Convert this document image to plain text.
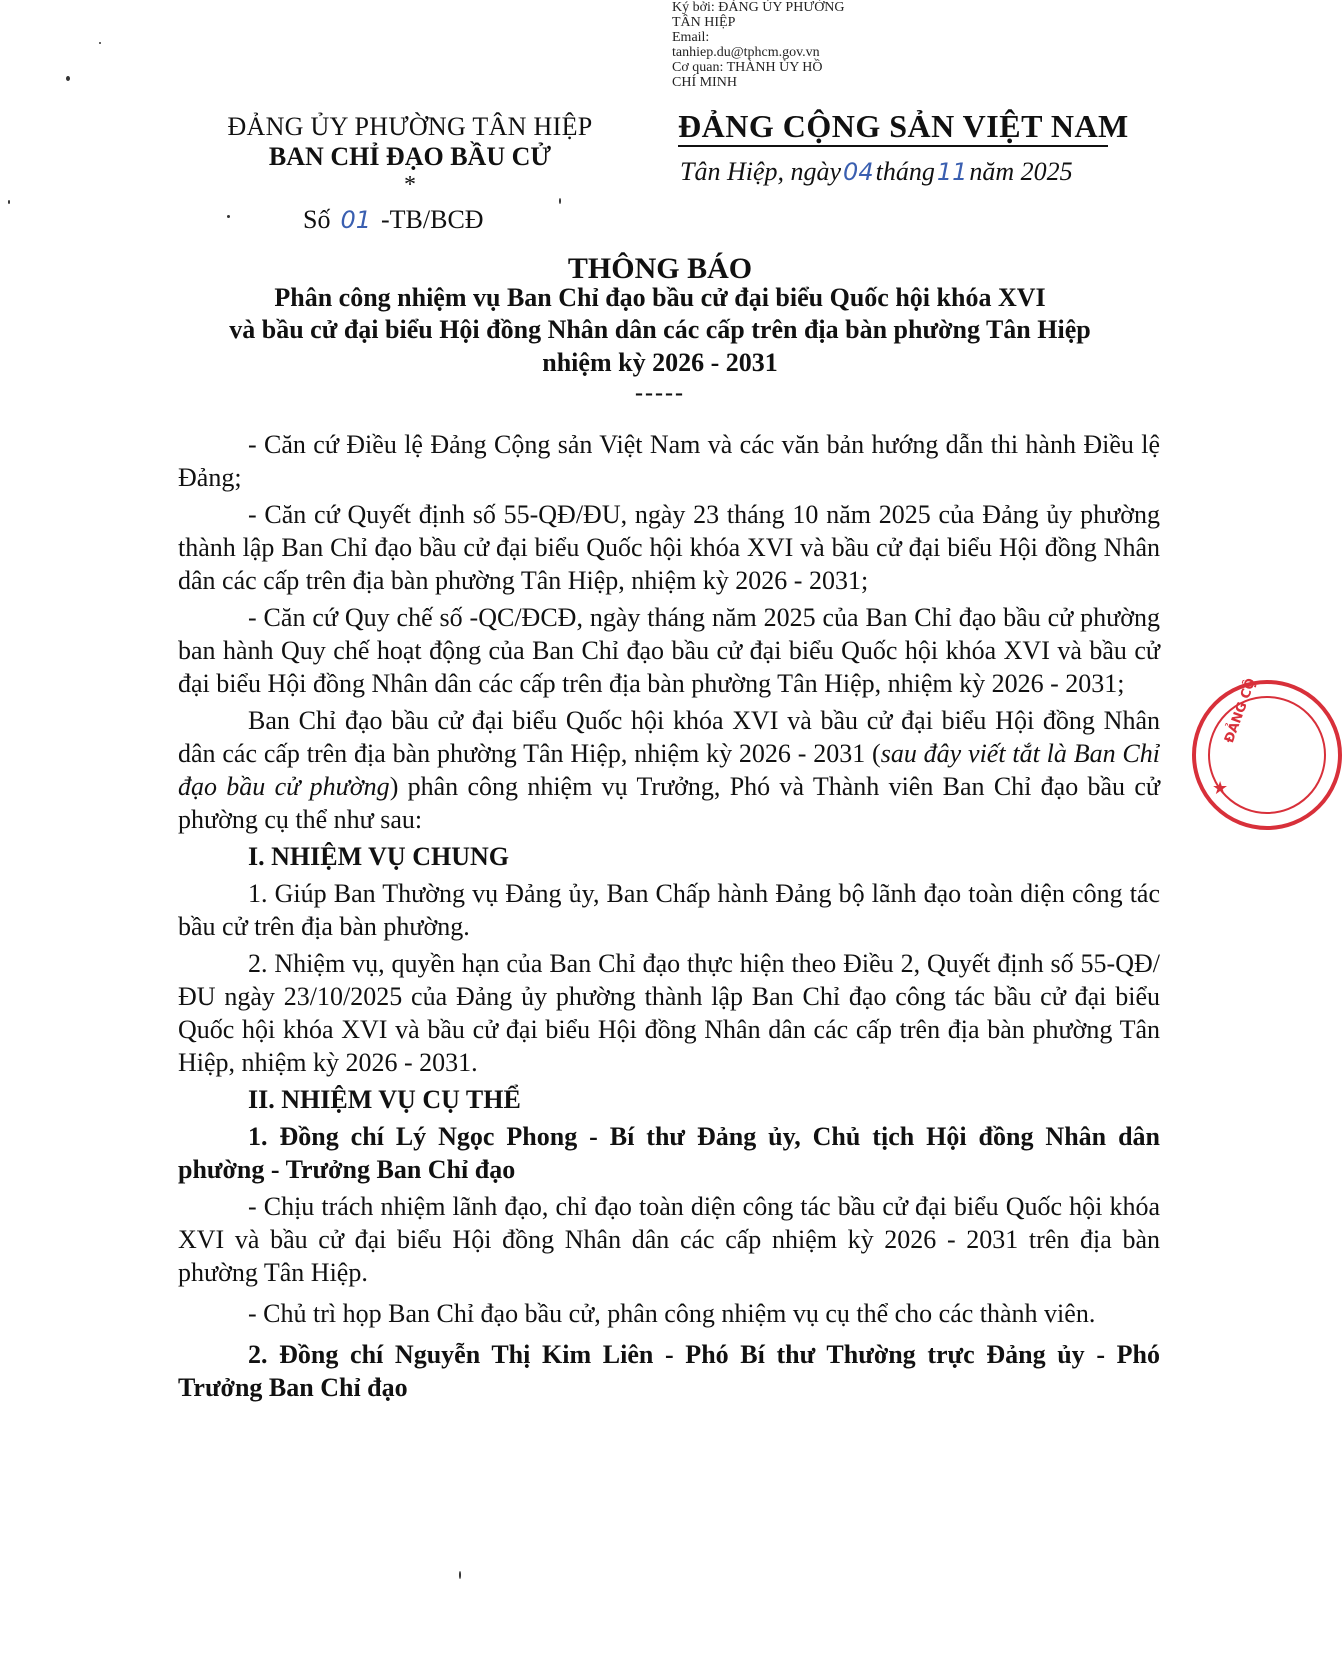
Ký bởi: ĐẢNG ỦY PHƯỜNG
TÂN HIỆP
Email:
tanhiep.du@tphcm.gov.vn
Cơ quan: THÀNH ỦY HỒ
CHÍ MINH
ĐẢNG ỦY PHƯỜNG TÂN HIỆP
BAN CHỈ ĐẠO BẦU CỬ
*
Số 01 -TB/BCĐ
ĐẢNG CỘNG SẢN VIỆT NAM
Tân Hiệp, ngày04tháng11năm 2025
THÔNG BÁO
Phân công nhiệm vụ Ban Chỉ đạo bầu cử đại biểu Quốc hội khóa XVI
và bầu cử đại biểu Hội đồng Nhân dân các cấp trên địa bàn phường Tân Hiệp
nhiệm kỳ 2026 - 2031
-----

- Căn cứ Điều lệ Đảng Cộng sản Việt Nam và các văn bản hướng dẫn thi hành Điều lệ Đảng;

- Căn cứ Quyết định số 55-QĐ/ĐU, ngày 23 tháng 10 năm 2025 của Đảng ủy phường thành lập Ban Chỉ đạo bầu cử đại biểu Quốc hội khóa XVI và bầu cử đại biểu Hội đồng Nhân dân các cấp trên địa bàn phường Tân Hiệp, nhiệm kỳ 2026 - 2031;

- Căn cứ Quy chế số -QC/ĐCĐ, ngày tháng năm 2025 của Ban Chỉ đạo bầu cử phường ban hành Quy chế hoạt động của Ban Chỉ đạo bầu cử đại biểu Quốc hội khóa XVI và bầu cử đại biểu Hội đồng Nhân dân các cấp trên địa bàn phường Tân Hiệp, nhiệm kỳ 2026 - 2031;

Ban Chỉ đạo bầu cử đại biểu Quốc hội khóa XVI và bầu cử đại biểu Hội đồng Nhân dân các cấp trên địa bàn phường Tân Hiệp, nhiệm kỳ 2026 - 2031 (sau đây viết tắt là Ban Chỉ đạo bầu cử phường) phân công nhiệm vụ Trưởng, Phó và Thành viên Ban Chỉ đạo bầu cử phường cụ thể như sau:

I. NHIỆM VỤ CHUNG

1. Giúp Ban Thường vụ Đảng ủy, Ban Chấp hành Đảng bộ lãnh đạo toàn diện công tác bầu cử trên địa bàn phường.

2. Nhiệm vụ, quyền hạn của Ban Chỉ đạo thực hiện theo Điều 2, Quyết định số 55-QĐ/ĐU ngày 23/10/2025 của Đảng ủy phường thành lập Ban Chỉ đạo công tác bầu cử đại biểu Quốc hội khóa XVI và bầu cử đại biểu Hội đồng Nhân dân các cấp trên địa bàn phường Tân Hiệp, nhiệm kỳ 2026 - 2031.

II. NHIỆM VỤ CỤ THỂ

1. Đồng chí Lý Ngọc Phong - Bí thư Đảng ủy, Chủ tịch Hội đồng Nhân dân phường - Trưởng Ban Chỉ đạo

- Chịu trách nhiệm lãnh đạo, chỉ đạo toàn diện công tác bầu cử đại biểu Quốc hội khóa XVI và bầu cử đại biểu Hội đồng Nhân dân các cấp nhiệm kỳ 2026 - 2031 trên địa bàn phường Tân Hiệp.

- Chủ trì họp Ban Chỉ đạo bầu cử, phân công nhiệm vụ cụ thể cho các thành viên.

2. Đồng chí Nguyễn Thị Kim Liên - Phó Bí thư Thường trực Đảng ủy - Phó Trưởng Ban Chỉ đạo

ĐẢNG CỘ
★
